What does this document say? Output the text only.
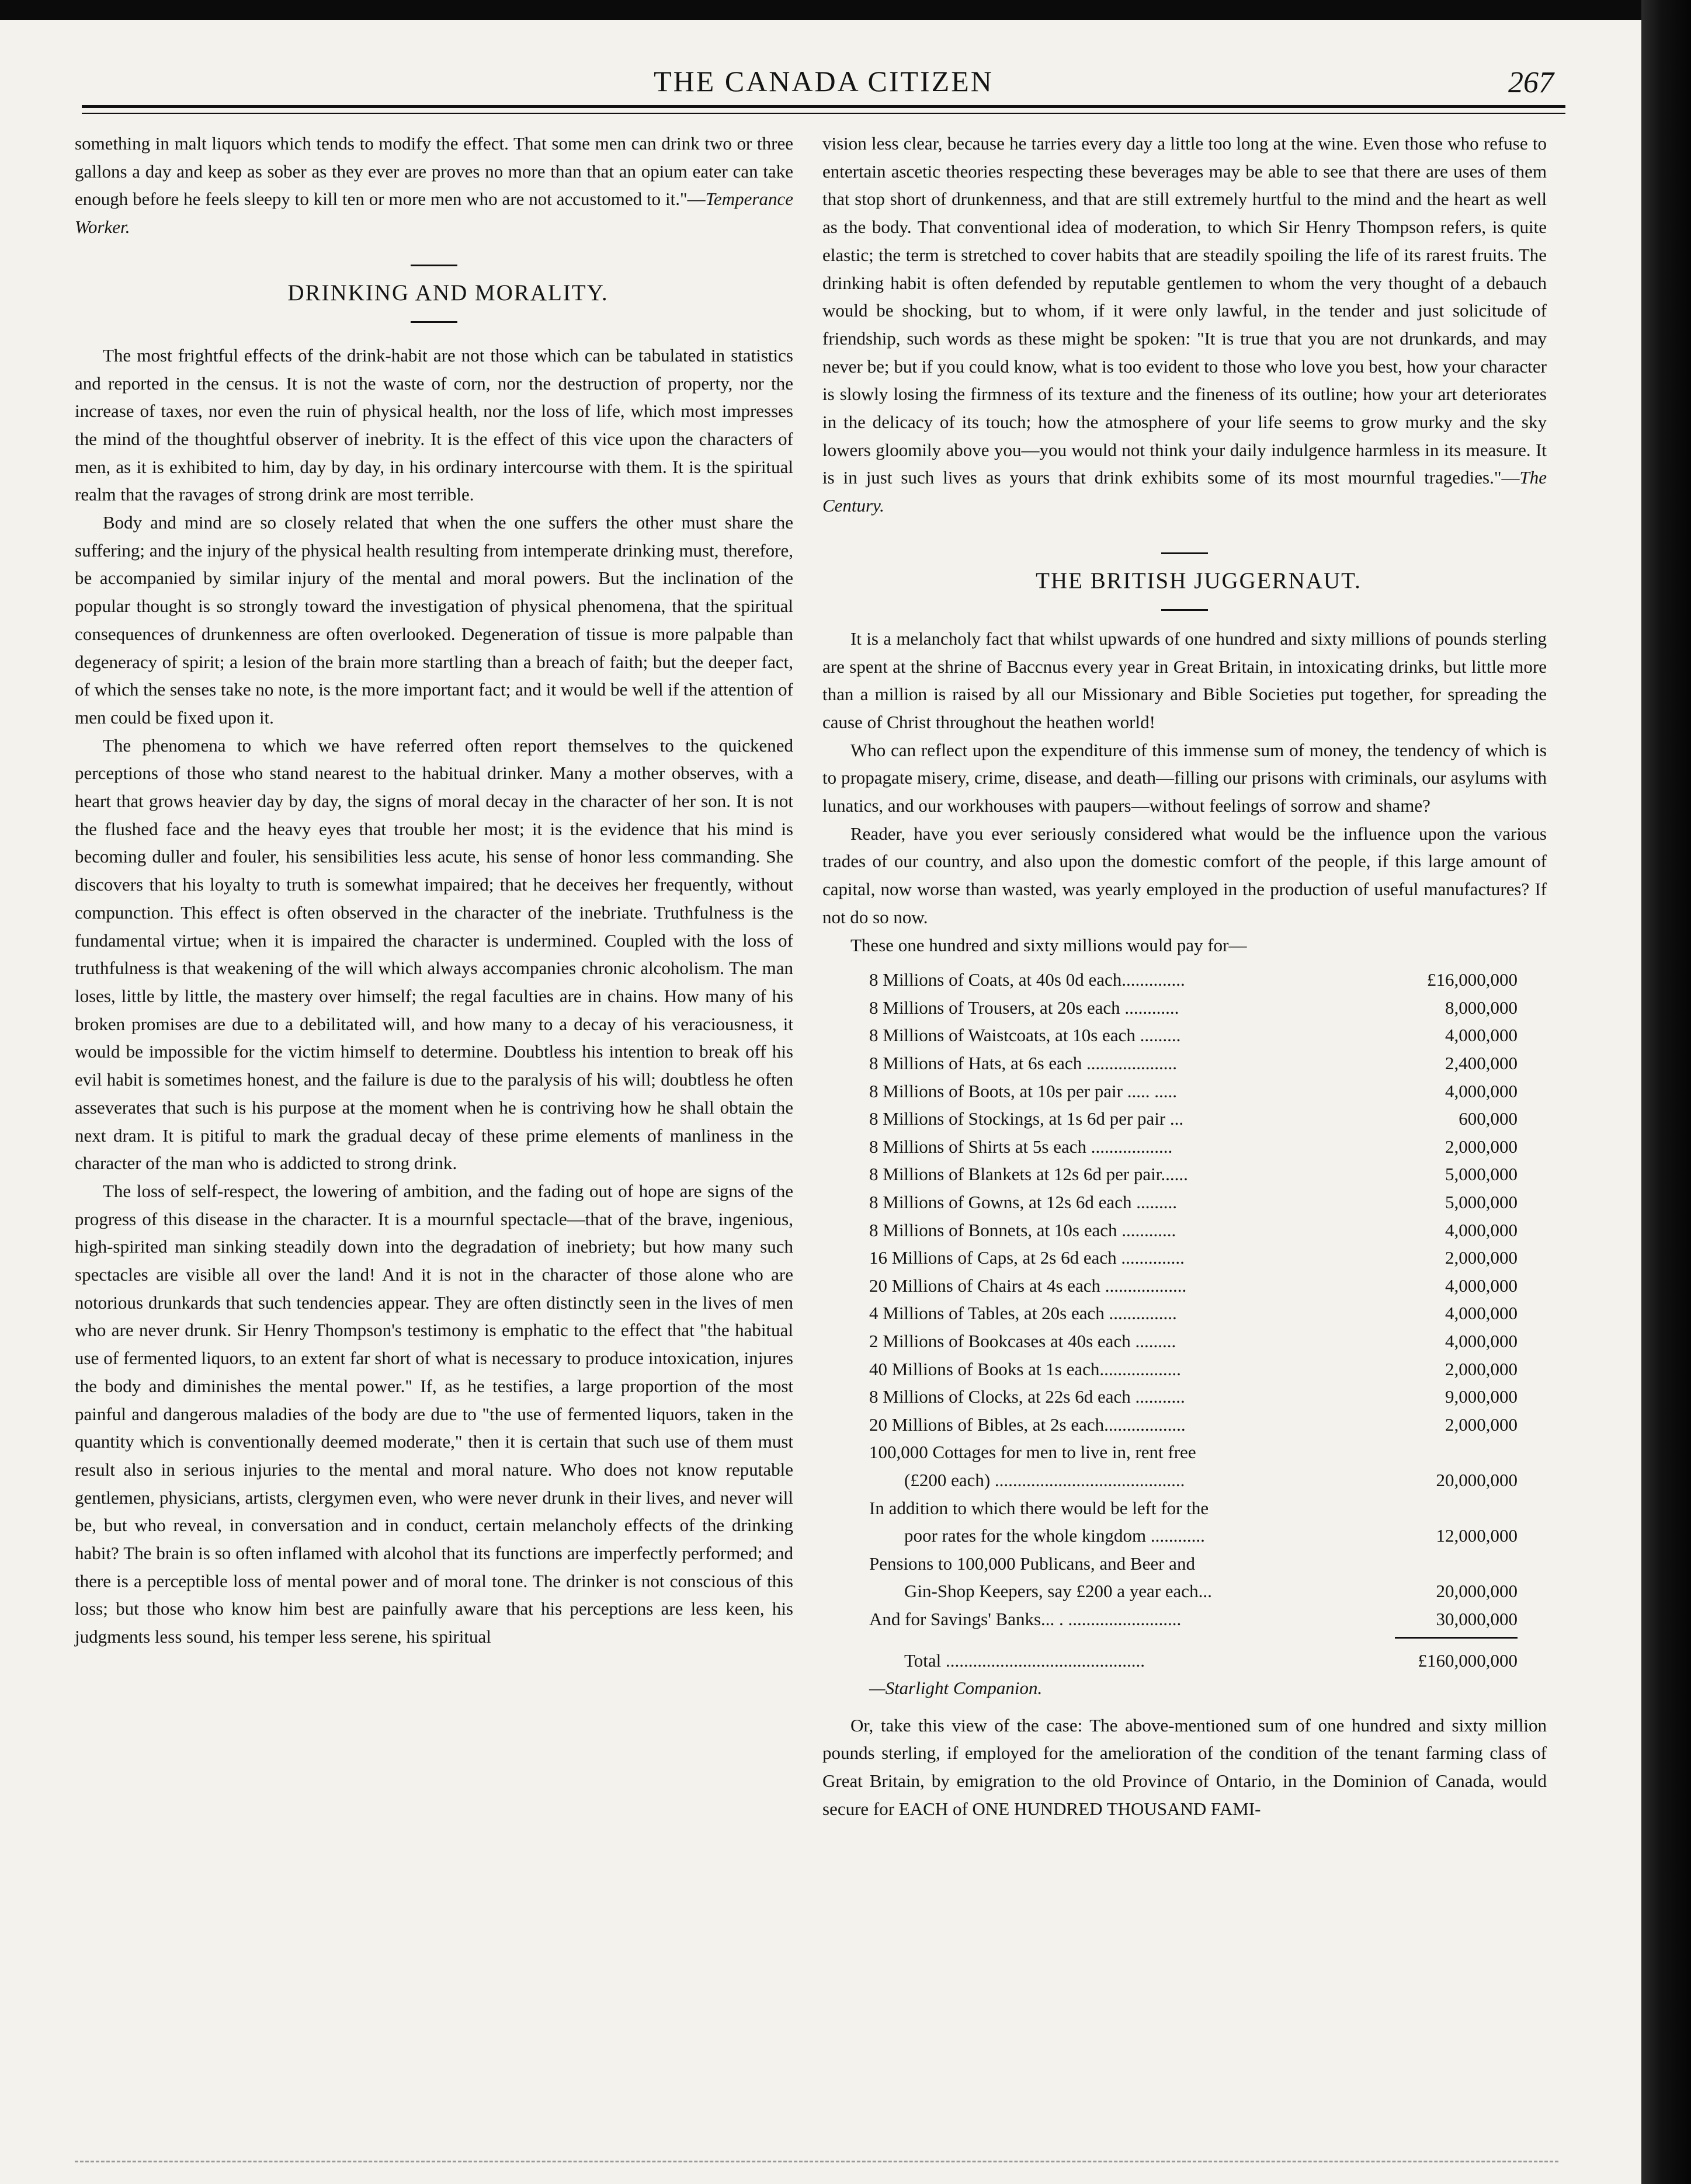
THE CANADA CITIZEN	267

something in malt liquors which tends to modify the effect. That some men can drink two or three gallons a day and keep as sober as they ever are proves no more than that an opium eater can take enough before he feels sleepy to kill ten or more men who are not accustomed to it."—Temperance Worker.

DRINKING AND MORALITY.

The most frightful effects of the drink-habit are not those which can be tabulated in statistics and reported in the census. It is not the waste of corn, nor the destruction of property, nor the increase of taxes, nor even the ruin of physical health, nor the loss of life, which most impresses the mind of the thoughtful observer of inebrity. It is the effect of this vice upon the characters of men, as it is exhibited to him, day by day, in his ordinary intercourse with them. It is the spiritual realm that the ravages of strong drink are most terrible.

Body and mind are so closely related that when the one suffers the other must share the suffering; and the injury of the physical health resulting from intemperate drinking must, therefore, be accompanied by similar injury of the mental and moral powers. But the inclination of the popular thought is so strongly toward the investigation of physical phenomena, that the spiritual consequences of drunkenness are often overlooked. Degeneration of tissue is more palpable than degeneracy of spirit; a lesion of the brain more startling than a breach of faith; but the deeper fact, of which the senses take no note, is the more important fact; and it would be well if the attention of men could be fixed upon it.

The phenomena to which we have referred often report themselves to the quickened perceptions of those who stand nearest to the habitual drinker. Many a mother observes, with a heart that grows heavier day by day, the signs of moral decay in the character of her son. It is not the flushed face and the heavy eyes that trouble her most; it is the evidence that his mind is becoming duller and fouler, his sensibilities less acute, his sense of honor less commanding. She discovers that his loyalty to truth is somewhat impaired; that he deceives her frequently, without compunction. This effect is often observed in the character of the inebriate. Truthfulness is the fundamental virtue; when it is impaired the character is undermined. Coupled with the loss of truthfulness is that weakening of the will which always accompanies chronic alcoholism. The man loses, little by little, the mastery over himself; the regal faculties are in chains. How many of his broken promises are due to a debilitated will, and how many to a decay of his veraciousness, it would be impossible for the victim himself to determine. Doubtless his intention to break off his evil habit is sometimes honest, and the failure is due to the paralysis of his will; doubtless he often asseverates that such is his purpose at the moment when he is contriving how he shall obtain the next dram. It is pitiful to mark the gradual decay of these prime elements of manliness in the character of the man who is addicted to strong drink.

The loss of self-respect, the lowering of ambition, and the fading out of hope are signs of the progress of this disease in the character. It is a mournful spectacle—that of the brave, ingenious, high-spirited man sinking steadily down into the degradation of inebriety; but how many such spectacles are visible all over the land! And it is not in the character of those alone who are notorious drunkards that such tendencies appear. They are often distinctly seen in the lives of men who are never drunk. Sir Henry Thompson's testimony is emphatic to the effect that "the habitual use of fermented liquors, to an extent far short of what is necessary to produce intoxication, injures the body and diminishes the mental power." If, as he testifies, a large proportion of the most painful and dangerous maladies of the body are due to "the use of fermented liquors, taken in the quantity which is conventionally deemed moderate," then it is certain that such use of them must result also in serious injuries to the mental and moral nature. Who does not know reputable gentlemen, physicians, artists, clergymen even, who were never drunk in their lives, and never will be, but who reveal, in conversation and in conduct, certain melancholy effects of the drinking habit? The brain is so often inflamed with alcohol that its functions are imperfectly performed; and there is a perceptible loss of mental power and of moral tone. The drinker is not conscious of this loss; but those who know him best are painfully aware that his perceptions are less keen, his judgments less sound, his temper less serene, his spiritual

vision less clear, because he tarries every day a little too long at the wine. Even those who refuse to entertain ascetic theories respecting these beverages may be able to see that there are uses of them that stop short of drunkenness, and that are still extremely hurtful to the mind and the heart as well as the body. That conventional idea of moderation, to which Sir Henry Thompson refers, is quite elastic; the term is stretched to cover habits that are steadily spoiling the life of its rarest fruits. The drinking habit is often defended by reputable gentlemen to whom the very thought of a debauch would be shocking, but to whom, if it were only lawful, in the tender and just solicitude of friendship, such words as these might be spoken: "It is true that you are not drunkards, and may never be; but if you could know, what is too evident to those who love you best, how your character is slowly losing the firmness of its texture and the fineness of its outline; how your art deteriorates in the delicacy of its touch; how the atmosphere of your life seems to grow murky and the sky lowers gloomily above you—you would not think your daily indulgence harmless in its measure. It is in just such lives as yours that drink exhibits some of its most mournful tragedies."—The Century.

THE BRITISH JUGGERNAUT.

It is a melancholy fact that whilst upwards of one hundred and sixty millions of pounds sterling are spent at the shrine of Baccnus every year in Great Britain, in intoxicating drinks, but little more than a million is raised by all our Missionary and Bible Societies put together, for spreading the cause of Christ throughout the heathen world!

Who can reflect upon the expenditure of this immense sum of money, the tendency of which is to propagate misery, crime, disease, and death—filling our prisons with criminals, our asylums with lunatics, and our workhouses with paupers—without feelings of sorrow and shame?

Reader, have you ever seriously considered what would be the influence upon the various trades of our country, and also upon the domestic comfort of the people, if this large amount of capital, now worse than wasted, was yearly employed in the production of useful manufactures? If not do so now.

These one hundred and sixty millions would pay for—

8 Millions of Coats, at 40s 0d each..............	£16,000,000
8 Millions of Trousers, at 20s each ............	8,000,000
8 Millions of Waistcoats, at 10s each .........	4,000,000
8 Millions of Hats, at 6s each ....................	2,400,000
8 Millions of Boots, at 10s per pair ..... .....	4,000,000
8 Millions of Stockings, at 1s 6d per pair ...	600,000
8 Millions of Shirts at 5s each ..................	2,000,000
8 Millions of Blankets at 12s 6d per pair......	5,000,000
8 Millions of Gowns, at 12s 6d each .........	5,000,000
8 Millions of Bonnets, at 10s each ............	4,000,000
16 Millions of Caps, at 2s 6d each ..............	2,000,000
20 Millions of Chairs at 4s each ..................	4,000,000
4 Millions of Tables, at 20s each ...............	4,000,000
2 Millions of Bookcases at 40s each .........	4,000,000
40 Millions of Books at 1s each..................	2,000,000
8 Millions of Clocks, at 22s 6d each ...........	9,000,000
20 Millions of Bibles, at 2s each..................	2,000,000
100,000 Cottages for men to live in, rent free
(£200 each) ..........................................	20,000,000
In addition to which there would be left for the
poor rates for the whole kingdom ............	12,000,000
Pensions to 100,000 Publicans, and Beer and
Gin-Shop Keepers, say £200 a year each...	20,000,000
And for Savings' Banks... . .........................	30,000,000
Total ............................................	£160,000,000
—Starlight Companion.

Or, take this view of the case: The above-mentioned sum of one hundred and sixty million pounds sterling, if employed for the amelioration of the condition of the tenant farming class of Great Britain, by emigration to the old Province of Ontario, in the Dominion of Canada, would secure for EACH of ONE HUNDRED THOUSAND FAMI-
